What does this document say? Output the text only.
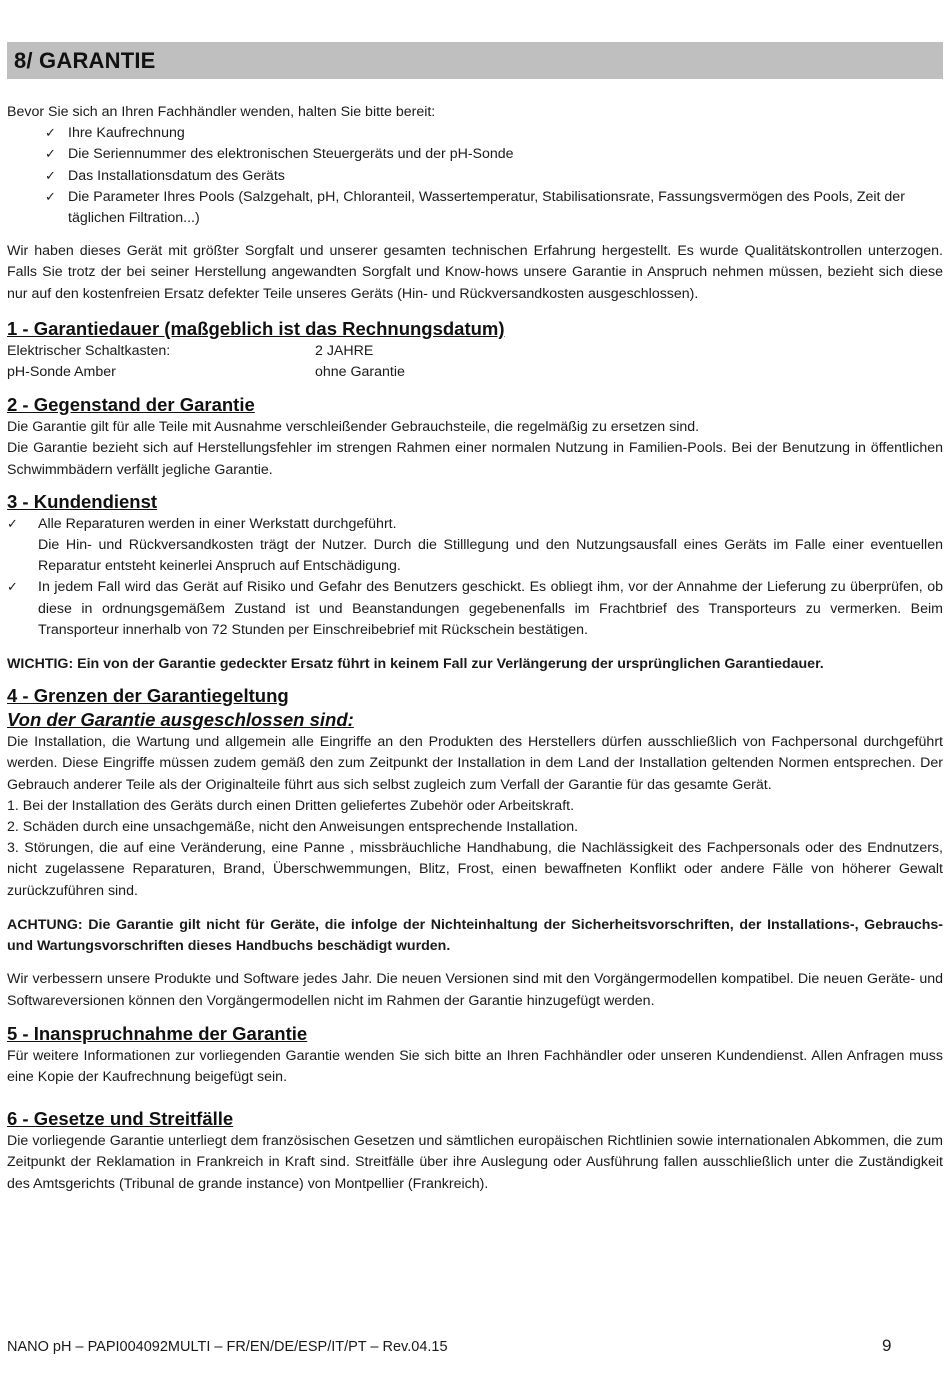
8/ GARANTIE

Bevor Sie sich an Ihren Fachhändler wenden, halten Sie bitte bereit:

✓ Ihre Kaufrechnung
✓ Die Seriennummer des elektronischen Steuergeräts und der pH-Sonde
✓ Das Installationsdatum des Geräts
✓ Die Parameter Ihres Pools (Salzgehalt, pH, Chloranteil, Wassertemperatur, Stabilisationsrate, Fassungsvermögen des Pools, Zeit der täglichen Filtration...)

Wir haben dieses Gerät mit größter Sorgfalt und unserer gesamten technischen Erfahrung hergestellt. Es wurde Qualitätskontrollen unterzogen. Falls Sie trotz der bei seiner Herstellung angewandten Sorgfalt und Know-hows unsere Garantie in Anspruch nehmen müssen, bezieht sich diese nur auf den kostenfreien Ersatz defekter Teile unseres Geräts (Hin- und Rückversandkosten ausgeschlossen).

1 - Garantiedauer (maßgeblich ist das Rechnungsdatum)
Elektrischer Schaltkasten:	2 JAHRE
pH-Sonde Amber	ohne Garantie
2 - Gegenstand der Garantie

Die Garantie gilt für alle Teile mit Ausnahme verschleißender Gebrauchsteile, die regelmäßig zu ersetzen sind.

Die Garantie bezieht sich auf Herstellungsfehler im strengen Rahmen einer normalen Nutzung in Familien-Pools. Bei der Benutzung in öffentlichen Schwimmbädern verfällt jegliche Garantie.

3 - Kundendienst
✓ Alle Reparaturen werden in einer Werkstatt durchgeführt.
Die Hin- und Rückversandkosten trägt der Nutzer. Durch die Stilllegung und den Nutzungsausfall eines Geräts im Falle einer eventuellen Reparatur entsteht keinerlei Anspruch auf Entschädigung.
✓ In jedem Fall wird das Gerät auf Risiko und Gefahr des Benutzers geschickt. Es obliegt ihm, vor der Annahme der Lieferung zu überprüfen, ob diese in ordnungsgemäßem Zustand ist und Beanstandungen gegebenenfalls im Frachtbrief des Transporteurs zu vermerken. Beim Transporteur innerhalb von 72 Stunden per Einschreibebrief mit Rückschein bestätigen.

WICHTIG: Ein von der Garantie gedeckter Ersatz führt in keinem Fall zur Verlängerung der ursprünglichen Garantiedauer.

4 - Grenzen der Garantiegeltung
Von der Garantie ausgeschlossen sind:

Die Installation, die Wartung und allgemein alle Eingriffe an den Produkten des Herstellers dürfen ausschließlich von Fachpersonal durchgeführt werden. Diese Eingriffe müssen zudem gemäß den zum Zeitpunkt der Installation in dem Land der Installation geltenden Normen entsprechen. Der Gebrauch anderer Teile als der Originalteile führt aus sich selbst zugleich zum Verfall der Garantie für das gesamte Gerät.

1. Bei der Installation des Geräts durch einen Dritten geliefertes Zubehör oder Arbeitskraft.

2. Schäden durch eine unsachgemäße, nicht den Anweisungen entsprechende Installation.

3. Störungen, die auf eine Veränderung, eine Panne , missbräuchliche Handhabung, die Nachlässigkeit des Fachpersonals oder des Endnutzers, nicht zugelassene Reparaturen, Brand, Überschwemmungen, Blitz, Frost, einen bewaffneten Konflikt oder andere Fälle von höherer Gewalt zurückzuführen sind.

ACHTUNG: Die Garantie gilt nicht für Geräte, die infolge der Nichteinhaltung der Sicherheitsvorschriften, der Installations-, Gebrauchs- und Wartungsvorschriften dieses Handbuchs beschädigt wurden.

Wir verbessern unsere Produkte und Software jedes Jahr. Die neuen Versionen sind mit den Vorgängermodellen kompatibel. Die neuen Geräte- und Softwareversionen können den Vorgängermodellen nicht im Rahmen der Garantie hinzugefügt werden.

5 - Inanspruchnahme der Garantie

Für weitere Informationen zur vorliegenden Garantie wenden Sie sich bitte an Ihren Fachhändler oder unseren Kundendienst. Allen Anfragen muss eine Kopie der Kaufrechnung beigefügt sein.

6 - Gesetze und Streitfälle

Die vorliegende Garantie unterliegt dem französischen Gesetzen und sämtlichen europäischen Richtlinien sowie internationalen Abkommen, die zum Zeitpunkt der Reklamation in Frankreich in Kraft sind. Streitfälle über ihre Auslegung oder Ausführung fallen ausschließlich unter die Zuständigkeit des Amtsgerichts (Tribunal de grande instance) von Montpellier (Frankreich).

NANO pH – PAPI004092MULTI – FR/EN/DE/ESP/IT/PT – Rev.04.15	9
